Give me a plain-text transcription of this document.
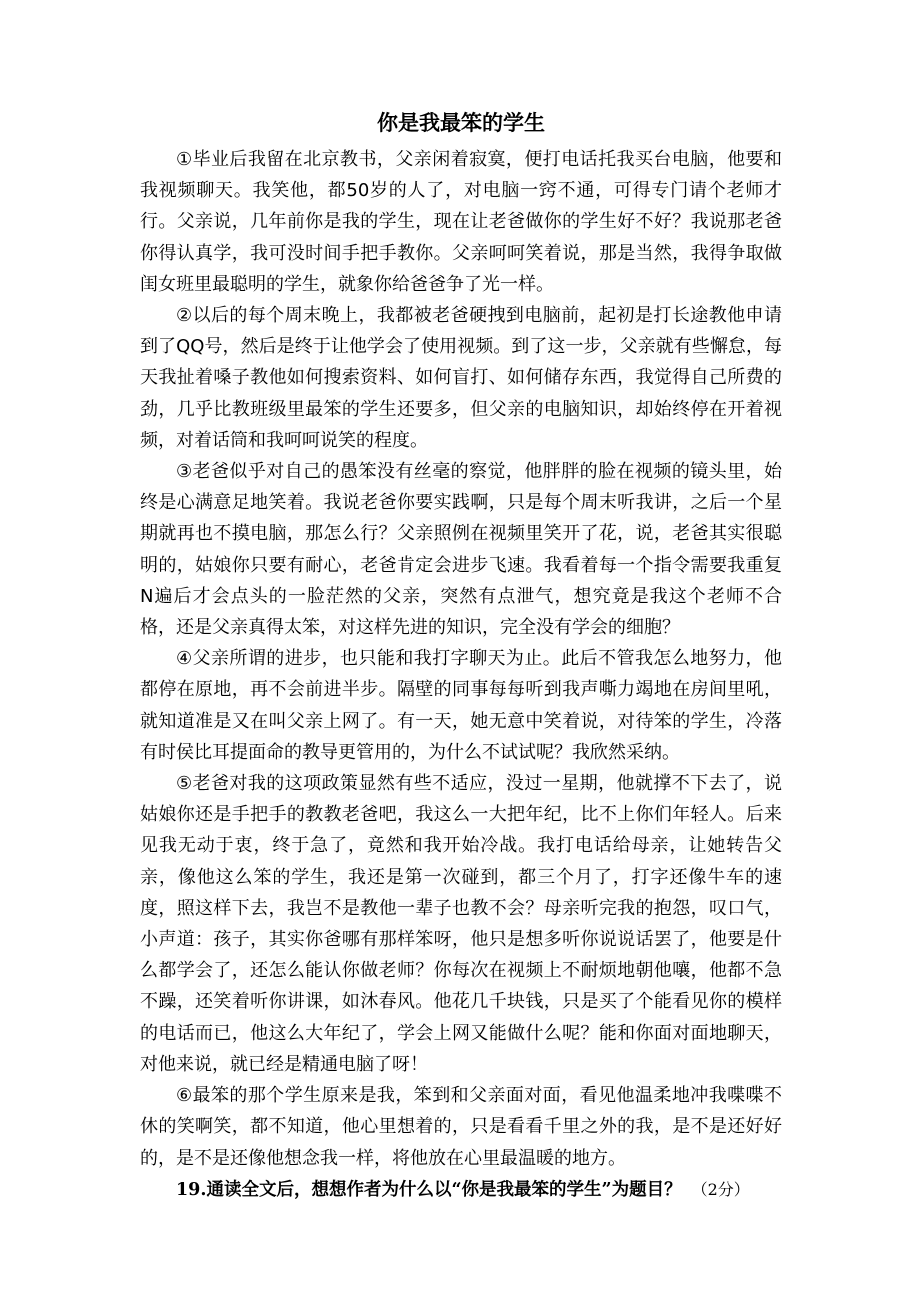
你是我最笨的学生

①毕业后我留在北京教书，父亲闲着寂寞，便打电话托我买台电脑，他要和我视频聊天。我笑他，都50岁的人了，对电脑一窍不通，可得专门请个老师才行。父亲说，几年前你是我的学生，现在让老爸做你的学生好不好？我说那老爸你得认真学，我可没时间手把手教你。父亲呵呵笑着说，那是当然，我得争取做闺女班里最聪明的学生，就象你给爸爸争了光一样。

②以后的每个周末晚上，我都被老爸硬拽到电脑前，起初是打长途教他申请到了QQ号，然后是终于让他学会了使用视频。到了这一步，父亲就有些懈怠，每天我扯着嗓子教他如何搜索资料、如何盲打、如何储存东西，我觉得自己所费的劲，几乎比教班级里最笨的学生还要多，但父亲的电脑知识，却始终停在开着视频，对着话筒和我呵呵说笑的程度。

③老爸似乎对自己的愚笨没有丝毫的察觉，他胖胖的脸在视频的镜头里，始终是心满意足地笑着。我说老爸你要实践啊，只是每个周末听我讲，之后一个星期就再也不摸电脑，那怎么行？父亲照例在视频里笑开了花，说，老爸其实很聪明的，姑娘你只要有耐心，老爸肯定会进步飞速。我看着每一个指令需要我重复N遍后才会点头的一脸茫然的父亲，突然有点泄气，想究竟是我这个老师不合格，还是父亲真得太笨，对这样先进的知识，完全没有学会的细胞？

④父亲所谓的进步，也只能和我打字聊天为止。此后不管我怎么地努力，他都停在原地，再不会前进半步。隔壁的同事每每听到我声嘶力竭地在房间里吼，就知道准是又在叫父亲上网了。有一天，她无意中笑着说，对待笨的学生，冷落有时侯比耳提面命的教导更管用的，为什么不试试呢？我欣然采纳。

⑤老爸对我的这项政策显然有些不适应，没过一星期，他就撑不下去了，说姑娘你还是手把手的教教老爸吧，我这么一大把年纪，比不上你们年轻人。后来见我无动于衷，终于急了，竟然和我开始冷战。我打电话给母亲，让她转告父亲，像他这么笨的学生，我还是第一次碰到，都三个月了，打字还像牛车的速度，照这样下去，我岂不是教他一辈子也教不会？母亲听完我的抱怨，叹口气，小声道：孩子，其实你爸哪有那样笨呀，他只是想多听你说说话罢了，他要是什么都学会了，还怎么能认你做老师？你每次在视频上不耐烦地朝他嚷，他都不急不躁，还笑着听你讲课，如沐春风。他花几千块钱，只是买了个能看见你的模样的电话而已，他这么大年纪了，学会上网又能做什么呢？能和你面对面地聊天，对他来说，就已经是精通电脑了呀！

⑥最笨的那个学生原来是我，笨到和父亲面对面，看见他温柔地冲我喋喋不休的笑啊笑，都不知道，他心里想着的，只是看看千里之外的我，是不是还好好的，是不是还像他想念我一样，将他放在心里最温暖的地方。

19.通读全文后，想想作者为什么以“你是我最笨的学生”为题目？ （2分）
